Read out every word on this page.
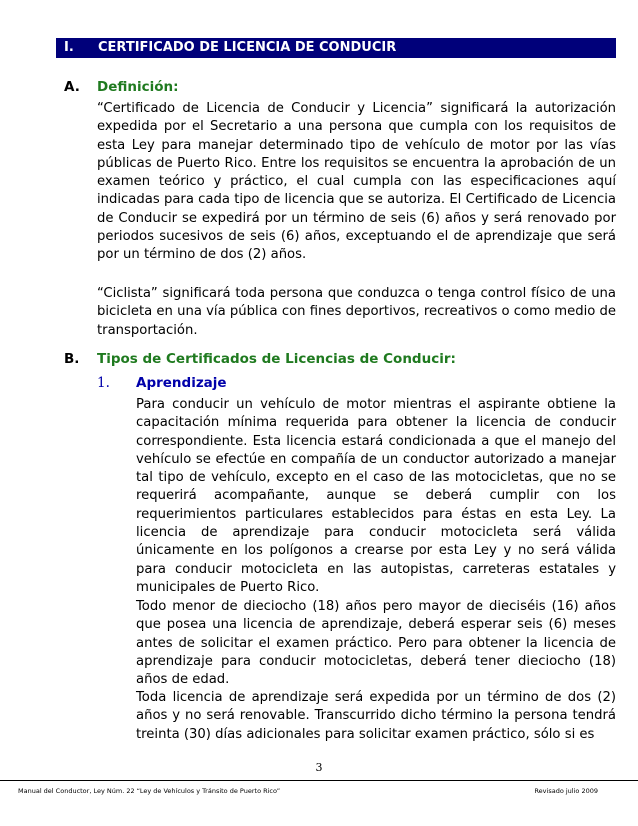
I. CERTIFICADO DE LICENCIA DE CONDUCIR
A. Definición:

“Certificado de Licencia de Conducir y Licencia” significará la autorización expedida por el Secretario a una persona que cumpla con los requisitos de esta Ley para manejar determinado tipo de vehículo de motor por las vías públicas de Puerto Rico. Entre los requisitos se encuentra la aprobación de un examen teórico y práctico, el cual cumpla con las especificaciones aquí indicadas para cada tipo de licencia que se autoriza. El Certificado de Licencia de Conducir se expedirá por un término de seis (6) años y será renovado por periodos sucesivos de seis (6) años, exceptuando el de aprendizaje que será por un término de dos (2) años.

“Ciclista” significará toda persona que conduzca o tenga control físico de una bicicleta en una vía pública con fines deportivos, recreativos o como medio de transportación.

B. Tipos de Certificados de Licencias de Conducir:
1. Aprendizaje

Para conducir un vehículo de motor mientras el aspirante obtiene la capacitación mínima requerida para obtener la licencia de conducir correspondiente. Esta licencia estará condicionada a que el manejo del vehículo se efectúe en compañía de un conductor autorizado a manejar tal tipo de vehículo, excepto en el caso de las motocicletas, que no se requerirá acompañante, aunque se deberá cumplir con los requerimientos particulares establecidos para éstas en esta Ley. La licencia de aprendizaje para conducir motocicleta será válida únicamente en los polígonos a crearse por esta Ley y no será válida para conducir motocicleta en las autopistas, carreteras estatales y municipales de Puerto Rico.

Todo menor de dieciocho (18) años pero mayor de dieciséis (16) años que posea una licencia de aprendizaje, deberá esperar seis (6) meses antes de solicitar el examen práctico. Pero para obtener la licencia de aprendizaje para conducir motocicletas, deberá tener dieciocho (18) años de edad.

Toda licencia de aprendizaje será expedida por un término de dos (2) años y no será renovable. Transcurrido dicho término la persona tendrá treinta (30) días adicionales para solicitar examen práctico, sólo si es

3
Manual del Conductor, Ley Núm. 22 “Ley de Vehículos y Tránsito de Puerto Rico”	Revisado julio 2009
